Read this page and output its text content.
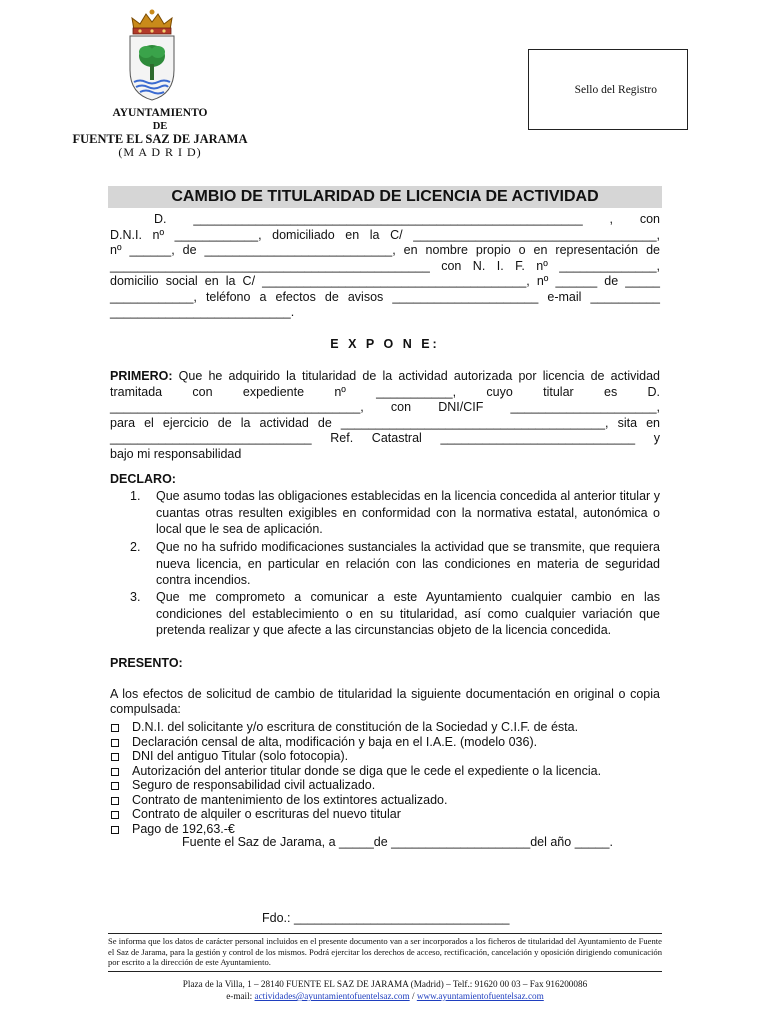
AYUNTAMIENTO
DE
FUENTE EL SAZ DE JARAMA
(M A D R I D)
Sello del Registro
CAMBIO DE TITULARIDAD DE LICENCIA DE ACTIVIDAD

D. ________________________________________________________ , con

D.N.I. nº ____________, domiciliado en la C/ ___________________________________,

nº ______, de ___________________________, en nombre propio o en representación de

______________________________________________ con N. I. F. nº ______________,

domicilio social en la C/ ______________________________________, nº ______ de _____

____________, teléfono a efectos de avisos _____________________ e-mail __________

__________________________.

E X P O N E:

PRIMERO: Que he adquirido la titularidad de la actividad autorizada por licencia de actividad

tramitada con expediente nº ___________, cuyo titular es D.

____________________________________, con DNI/CIF _____________________,

para el ejercicio de la actividad de ______________________________________, sita en

_____________________________ Ref. Catastral ____________________________ y

bajo mi responsabilidad

DECLARO:
1. Que asumo todas las obligaciones establecidas en la licencia concedida al anterior titular y cuantas otras resulten exigibles en conformidad con la normativa estatal, autonómica o local que le sea de aplicación.
2. Que no ha sufrido modificaciones sustanciales la actividad que se transmite, que requiera nueva licencia, en particular en relación con las condiciones en materia de seguridad contra incendios.
3. Que me comprometo a comunicar a este Ayuntamiento cualquier cambio en las condiciones del establecimiento o en su titularidad, así como cualquier variación que pretenda realizar y que afecte a las circunstancias objeto de la licencia concedida.
PRESENTO:
A los efectos de solicitud de cambio de titularidad la siguiente documentación en original o copia compulsada:
D.N.I. del solicitante y/o escritura de constitución de la Sociedad y C.I.F. de ésta.
Declaración censal de alta, modificación y baja en el I.A.E. (modelo 036).
DNI del antiguo Titular (solo fotocopia).
Autorización del anterior titular donde se diga que le cede el expediente o la licencia.
Seguro de responsabilidad civil actualizado.
Contrato de mantenimiento de los extintores actualizado.
Contrato de alquiler o escrituras del nuevo titular
Pago de 192,63.-€
Fuente el Saz de Jarama, a _____de ____________________del año _____.
Fdo.: _______________________________
Se informa que los datos de carácter personal incluidos en el presente documento van a ser incorporados a los ficheros de titularidad del Ayuntamiento de Fuente el Saz de Jarama, para la gestión y control de los mismos. Podrá ejercitar los derechos de acceso, rectificación, cancelación y oposición dirigiendo comunicación por escrito a la dirección de este Ayuntamiento.
Plaza de la Villa, 1 – 28140 FUENTE EL SAZ DE JARAMA (Madrid) – Telf.: 91620 00 03 – Fax 916200086
e-mail: actividades@ayuntamientofuentelsaz.com / www.ayuntamientofuentelsaz.com
